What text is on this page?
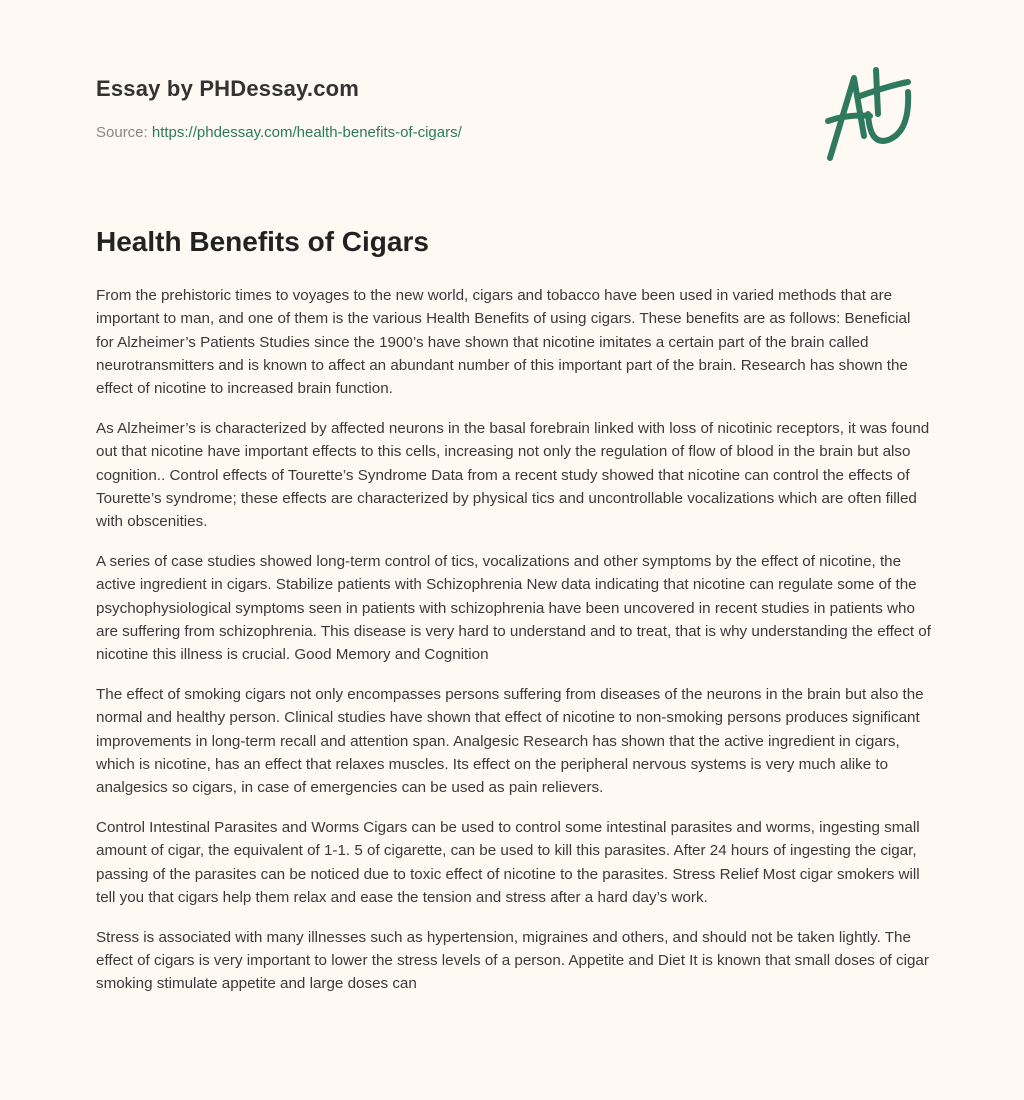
Essay by PHDessay.com
Source: https://phdessay.com/health-benefits-of-cigars/
Health Benefits of Cigars

From the prehistoric times to voyages to the new world, cigars and tobacco have been used in varied methods that are important to man, and one of them is the various Health Benefits of using cigars. These benefits are as follows: Beneficial for Alzheimer’s Patients Studies since the 1900’s have shown that nicotine imitates a certain part of the brain called neurotransmitters and is known to affect an abundant number of this important part of the brain. Research has shown the effect of nicotine to increased brain function.

As Alzheimer’s is characterized by affected neurons in the basal forebrain linked with loss of nicotinic receptors, it was found out that nicotine have important effects to this cells, increasing not only the regulation of flow of blood in the brain but also cognition.. Control effects of Tourette’s Syndrome Data from a recent study showed that nicotine can control the effects of Tourette’s syndrome; these effects are characterized by physical tics and uncontrollable vocalizations which are often filled with obscenities.

A series of case studies showed long-term control of tics, vocalizations and other symptoms by the effect of nicotine, the active ingredient in cigars. Stabilize patients with Schizophrenia New data indicating that nicotine can regulate some of the psychophysiological symptoms seen in patients with schizophrenia have been uncovered in recent studies in patients who are suffering from schizophrenia. This disease is very hard to understand and to treat, that is why understanding the effect of nicotine this illness is crucial. Good Memory and Cognition

The effect of smoking cigars not only encompasses persons suffering from diseases of the neurons in the brain but also the normal and healthy person. Clinical studies have shown that effect of nicotine to non-smoking persons produces significant improvements in long-term recall and attention span. Analgesic Research has shown that the active ingredient in cigars, which is nicotine, has an effect that relaxes muscles. Its effect on the peripheral nervous systems is very much alike to analgesics so cigars, in case of emergencies can be used as pain relievers.

Control Intestinal Parasites and Worms Cigars can be used to control some intestinal parasites and worms, ingesting small amount of cigar, the equivalent of 1-1. 5 of cigarette, can be used to kill this parasites. After 24 hours of ingesting the cigar, passing of the parasites can be noticed due to toxic effect of nicotine to the parasites. Stress Relief Most cigar smokers will tell you that cigars help them relax and ease the tension and stress after a hard day’s work.

Stress is associated with many illnesses such as hypertension, migraines and others, and should not be taken lightly. The effect of cigars is very important to lower the stress levels of a person. Appetite and Diet It is known that small doses of cigar smoking stimulate appetite and large doses can
